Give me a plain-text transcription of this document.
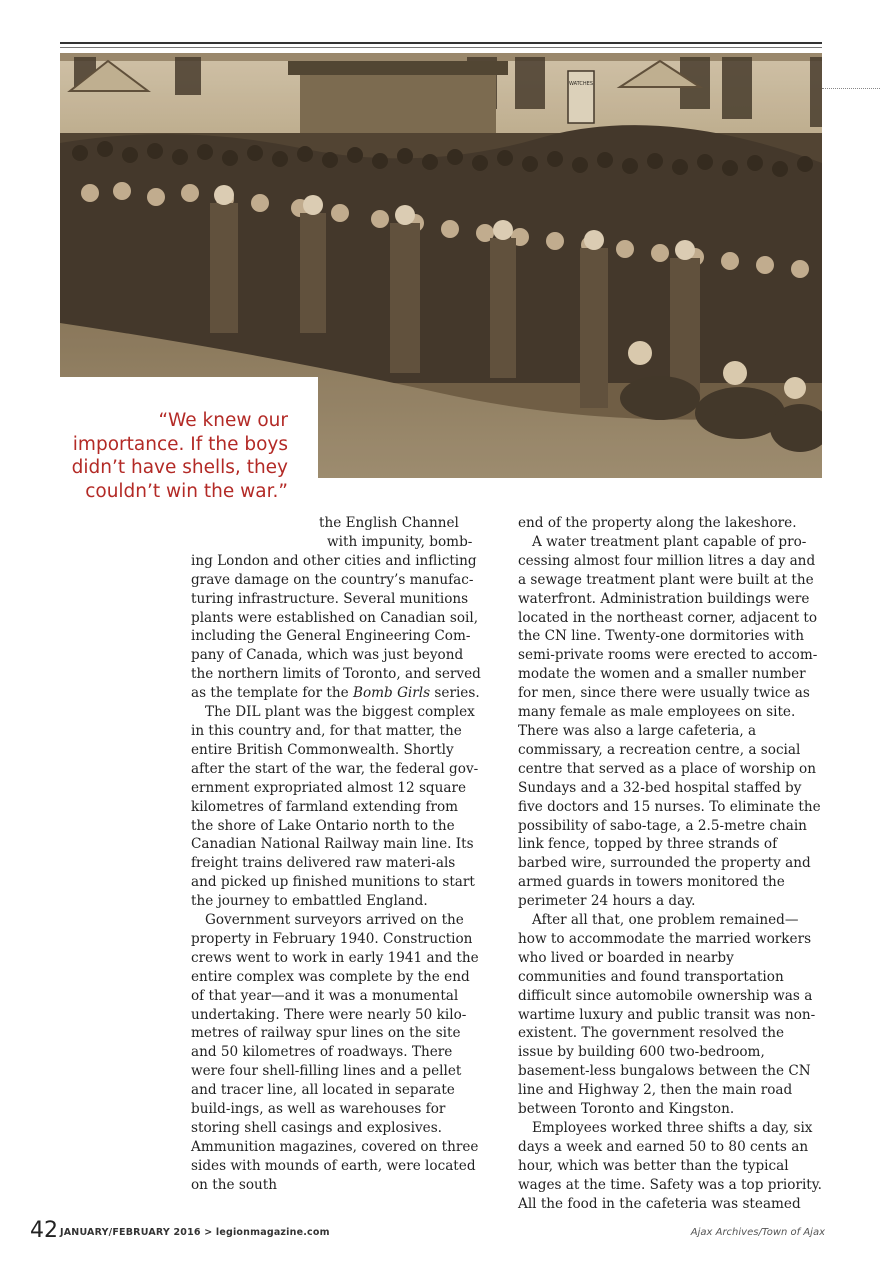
WATCHES
“We knew our importance. If the boys didn’t have shells, they couldn’t win the war.”

the English Channel
with impunity, bomb-
ing London and other cities and inflicting grave damage on the country’s manufac-turing infrastructure. Several munitions plants were established on Canadian soil, including the General Engineering Com-pany of Canada, which was just beyond the northern limits of Toronto, and served as the template for the Bomb Girls series.

The DIL plant was the biggest complex in this country and, for that matter, the entire British Commonwealth. Shortly after the start of the war, the federal gov-ernment expropriated almost 12 square kilometres of farmland extending from the shore of Lake Ontario north to the Canadian National Railway main line. Its freight trains delivered raw materi-als and picked up finished munitions to start the journey to embattled England.

Government surveyors arrived on the property in February 1940. Construction crews went to work in early 1941 and the entire complex was complete by the end of that year—and it was a monumental undertaking. There were nearly 50 kilo-metres of railway spur lines on the site and 50 kilometres of roadways. There were four shell-filling lines and a pellet and tracer line, all located in separate build-ings, as well as warehouses for storing shell casings and explosives. Ammunition magazines, covered on three sides with mounds of earth, were located on the south

end of the property along the lakeshore.

A water treatment plant capable of pro-cessing almost four million litres a day and a sewage treatment plant were built at the waterfront. Administration buildings were located in the northeast corner, adjacent to the CN line. Twenty-one dormitories with semi-private rooms were erected to accom-modate the women and a smaller number for men, since there were usually twice as many female as male employees on site. There was also a large cafeteria, a commissary, a recreation centre, a social centre that served as a place of worship on Sundays and a 32-bed hospital staffed by five doctors and 15 nurses. To eliminate the possibility of sabo-tage, a 2.5-metre chain link fence, topped by three strands of barbed wire, surrounded the property and armed guards in towers monitored the perimeter 24 hours a day.

After all that, one problem remained—how to accommodate the married workers who lived or boarded in nearby communities and found transportation difficult since automobile ownership was a wartime luxury and public transit was non-existent. The government resolved the issue by building 600 two-bedroom, basement-less bungalows between the CN line and Highway 2, then the main road between Toronto and Kingston.

Employees worked three shifts a day, six days a week and earned 50 to 80 cents an hour, which was better than the typical wages at the time. Safety was a top priority. All the food in the cafeteria was steamed

42 JANUARY/FEBRUARY 2016 > legionmagazine.com	Ajax Archives/Town of Ajax
